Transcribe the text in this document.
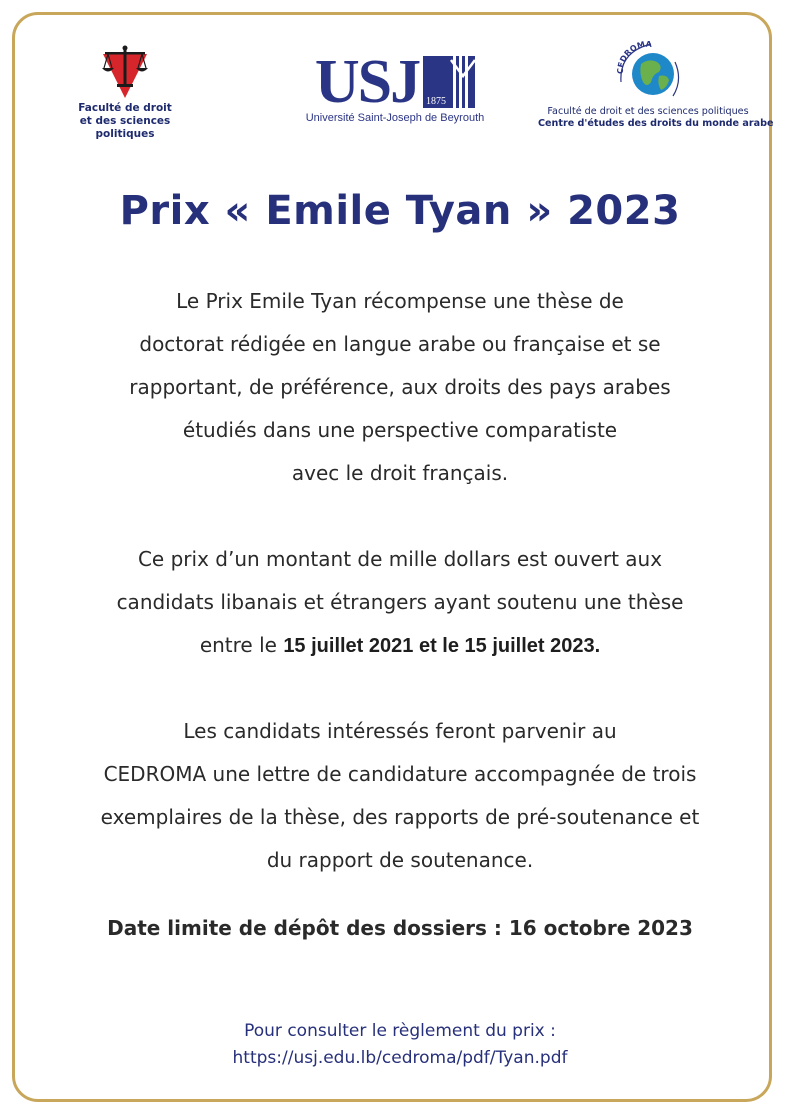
Faculté de droit
et des sciences politiques
USJ 1875
Université Saint-Joseph de Beyrouth
CEDROMA
Faculté de droit et des sciences politiques
Centre d'études des droits du monde arabe
Prix « Emile Tyan » 2023
Le Prix Emile Tyan récompense une thèse de
doctorat rédigée en langue arabe ou française et se
rapportant, de préférence, aux droits des pays arabes
étudiés dans une perspective comparatiste
avec le droit français.
Ce prix d’un montant de mille dollars est ouvert aux
candidats libanais et étrangers ayant soutenu une thèse
entre le 15 juillet 2021 et le 15 juillet 2023.
Les candidats intéressés feront parvenir au
CEDROMA une lettre de candidature accompagnée de trois
exemplaires de la thèse, des rapports de pré-soutenance et
du rapport de soutenance.
Date limite de dépôt des dossiers : 16 octobre 2023
Pour consulter le règlement du prix :
https://usj.edu.lb/cedroma/pdf/Tyan.pdf
